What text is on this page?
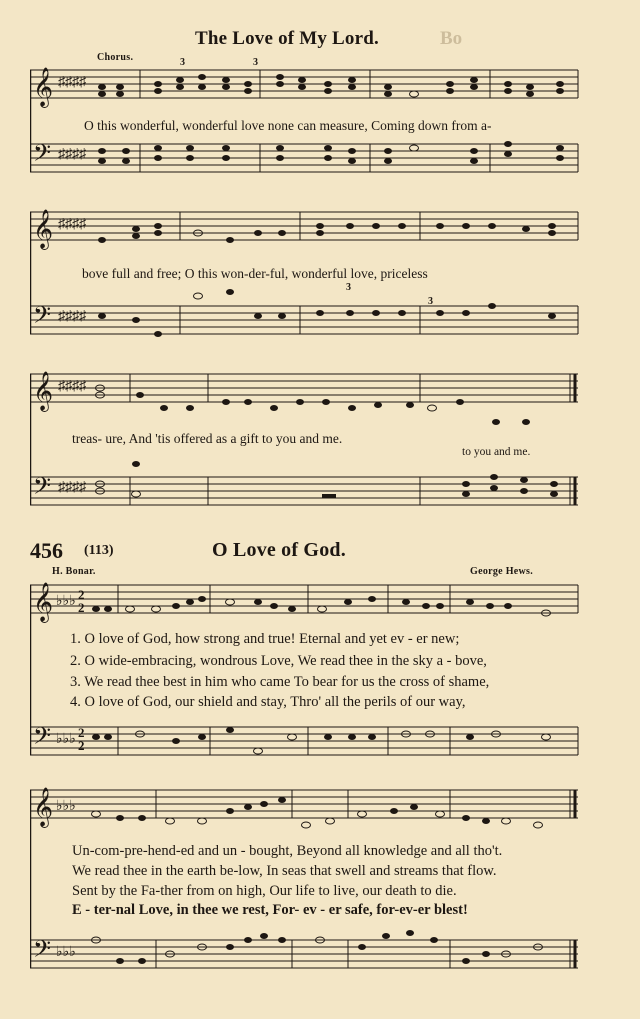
Bo
The Love of My Lord.
Chorus.	3	3
3
3
𝄞
𝄢
♯♯♯♯
♯♯♯♯
O this wonderful, wonderful love none can measure, Coming down from a-
𝄞
𝄢
♯♯♯♯
♯♯♯♯
bove full and free; O this won-der-ful, wonderful love, priceless
𝄞
𝄢
♯♯♯♯
♯♯♯♯
treas- ure, And 'tis offered as a gift to you and me.
to you and me.
456 (113)	O Love of God.
H. Bonar.	George Hews.
𝄞
𝄢
♭♭♭
♭♭♭
2
2
2
2
1. O love of God, how strong and true! Eternal and yet ev - er new;
2. O wide-embracing, wondrous Love, We read thee in the sky a - bove,
3. We read thee best in him who came To bear for us the cross of shame,
4. O love of God, our shield and stay, Thro' all the perils of our way,
𝄞
𝄢
♭♭♭
♭♭♭
Un-com-pre-hend-ed and un - bought, Beyond all knowledge and all tho't.
We read thee in the earth be-low, In seas that swell and streams that flow.
Sent by the Fa-ther from on high, Our life to live, our death to die.
E - ter-nal Love, in thee we rest, For- ev - er safe, for-ev-er blest!
